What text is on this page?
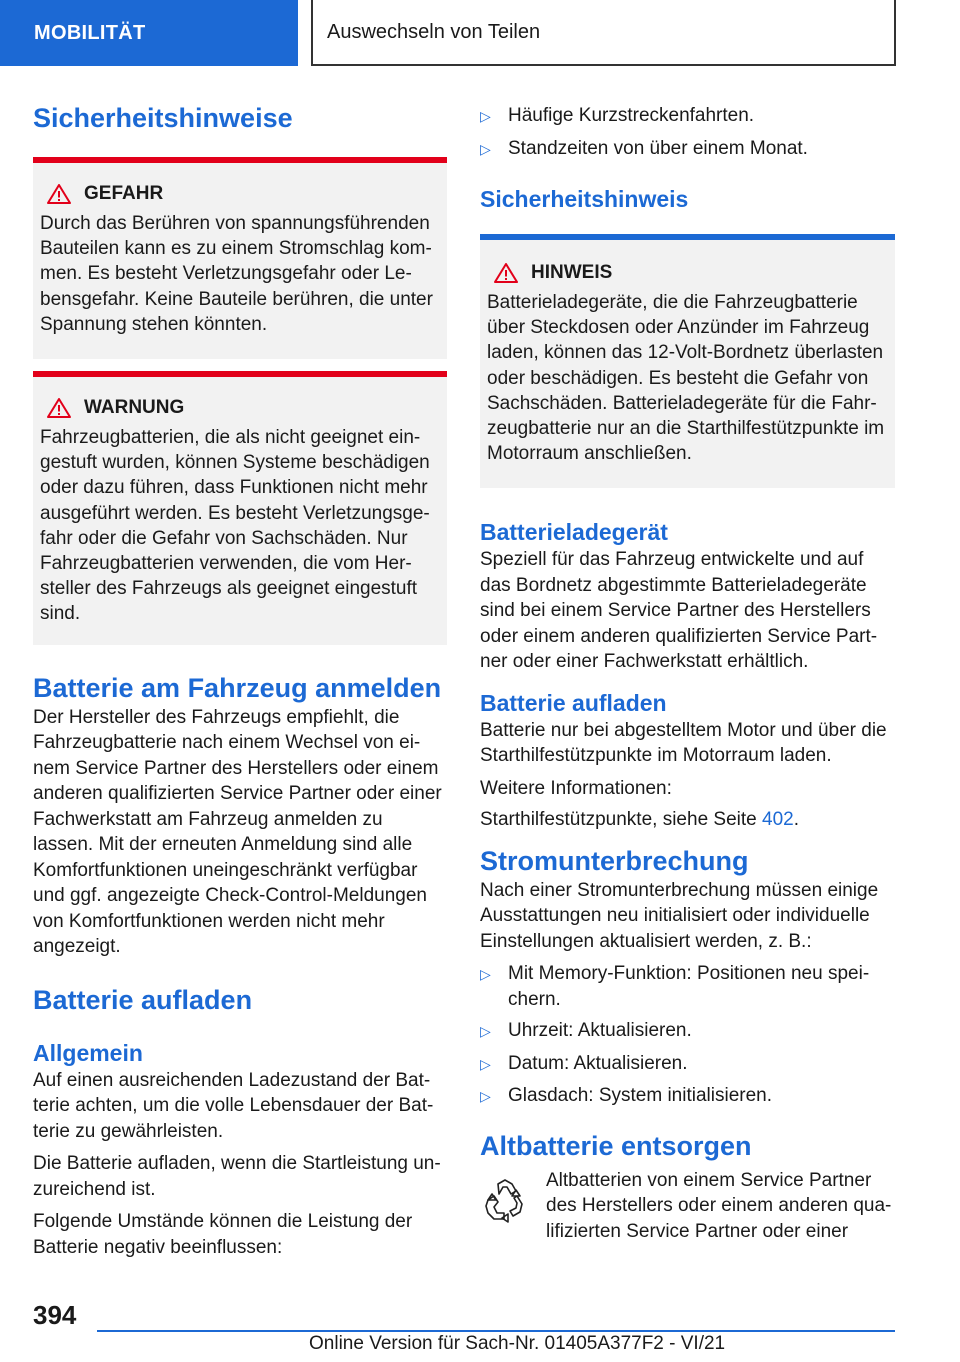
MOBILITÄT	Auswechseln von Teilen
Sicherheitshinweise
GEFAHR

Durch das Berühren von spannungsführenden Bauteilen kann es zu einem Stromschlag kommen. Es besteht Verletzungsgefahr oder Lebensgefahr. Keine Bauteile berühren, die unter Spannung stehen könnten.

WARNUNG

Fahrzeugbatterien, die als nicht geeignet eingestuft wurden, können Systeme beschädigen oder dazu führen, dass Funktionen nicht mehr ausgeführt werden. Es besteht Verletzungsgefahr oder die Gefahr von Sachschäden. Nur Fahrzeugbatterien verwenden, die vom Hersteller des Fahrzeugs als geeignet eingestuft sind.

Batterie am Fahrzeug anmelden

Der Hersteller des Fahrzeugs empfiehlt, die Fahrzeugbatterie nach einem Wechsel von einem Service Partner des Herstellers oder einem anderen qualifizierten Service Partner oder einer Fachwerkstatt am Fahrzeug anmelden zu lassen. Mit der erneuten Anmeldung sind alle Komfortfunktionen uneingeschränkt verfügbar und ggf. angezeigte Check-Control-Meldungen von Komfortfunktionen werden nicht mehr angezeigt.

Batterie aufladen
Allgemein

Auf einen ausreichenden Ladezustand der Batterie achten, um die volle Lebensdauer der Batterie zu gewährleisten.

Die Batterie aufladen, wenn die Startleistung unzureichend ist.

Folgende Umstände können die Leistung der Batterie negativ beeinflussen:

▷ Häufige Kurzstreckenfahrten.
▷ Standzeiten von über einem Monat.
Sicherheitshinweis
HINWEIS

Batterieladegeräte, die die Fahrzeugbatterie über Steckdosen oder Anzünder im Fahrzeug laden, können das 12-Volt-Bordnetz überlasten oder beschädigen. Es besteht die Gefahr von Sachschäden. Batterieladegeräte für die Fahrzeugbatterie nur an die Starthilfestützpunkte im Motorraum anschließen.

Batterieladegerät

Speziell für das Fahrzeug entwickelte und auf das Bordnetz abgestimmte Batterieladegeräte sind bei einem Service Partner des Herstellers oder einem anderen qualifizierten Service Partner oder einer Fachwerkstatt erhältlich.

Batterie aufladen

Batterie nur bei abgestelltem Motor und über die Starthilfestützpunkte im Motorraum laden.

Weitere Informationen:

Starthilfestützpunkte, siehe Seite 402.

Stromunterbrechung

Nach einer Stromunterbrechung müssen einige Ausstattungen neu initialisiert oder individuelle Einstellungen aktualisiert werden, z. B.:

▷ Mit Memory-Funktion: Positionen neu speichern.
▷ Uhrzeit: Aktualisieren.
▷ Datum: Aktualisieren.
▷ Glasdach: System initialisieren.
Altbatterie entsorgen

Altbatterien von einem Service Partner des Herstellers oder einem anderen qualifizierten Service Partner oder einer

394
Online Version für Sach-Nr. 01405A377F2 - VI/21
